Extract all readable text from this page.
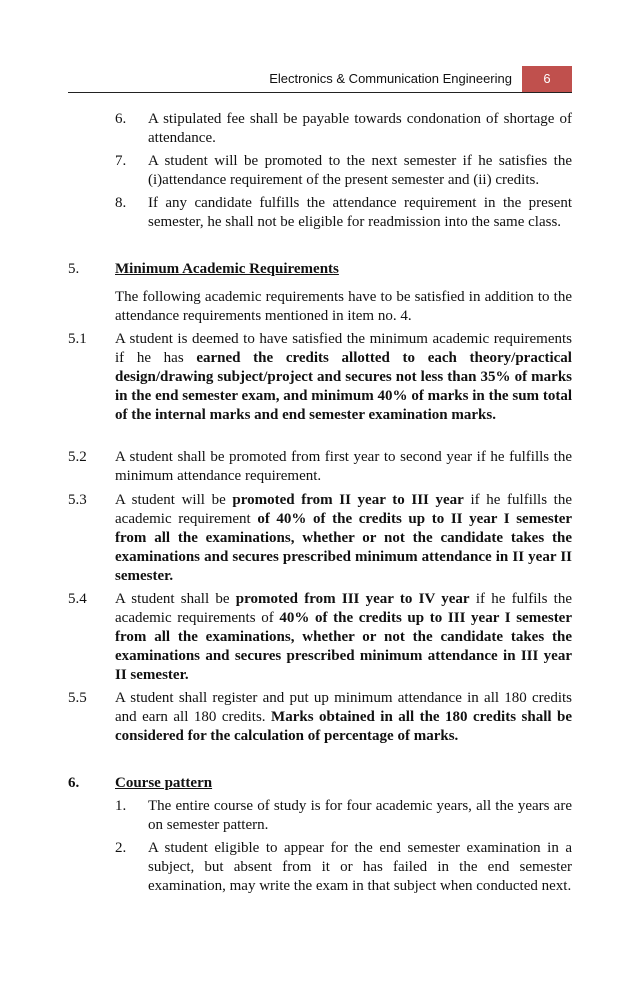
Electronics & Communication Engineering	6
6. A stipulated fee shall be payable towards condonation of shortage of attendance.
7. A student will be promoted to the next semester if he satisfies the (i)attendance requirement of the present semester and (ii) credits.
8. If any candidate fulfills the attendance requirement in the present semester, he shall not be eligible for readmission into the same class.
5. Minimum Academic Requirements
The following academic requirements have to be satisfied in addition to the attendance requirements mentioned in item no. 4.
5.1 A student is deemed to have satisfied the minimum academic requirements if he has earned the credits allotted to each theory/practical design/drawing subject/project and secures not less than 35% of marks in the end semester exam, and minimum 40% of marks in the sum total of the internal marks and end semester examination marks.
5.2 A student shall be promoted from first year to second year if he fulfills the minimum attendance requirement.
5.3 A student will be promoted from II year to III year if he fulfills the academic requirement of 40% of the credits up to II year I semester from all the examinations, whether or not the candidate takes the examinations and secures prescribed minimum attendance in II year II semester.
5.4 A student shall be promoted from III year to IV year if he fulfils the academic requirements of 40% of the credits up to III year I semester from all the examinations, whether or not the candidate takes the examinations and secures prescribed minimum attendance in III year II semester.
5.5 A student shall register and put up minimum attendance in all 180 credits and earn all 180 credits. Marks obtained in all the 180 credits shall be considered for the calculation of percentage of marks.
6. Course pattern
1. The entire course of study is for four academic years, all the years are on semester pattern.
2. A student eligible to appear for the end semester examination in a subject, but absent from it or has failed in the end semester examination, may write the exam in that subject when conducted next.
